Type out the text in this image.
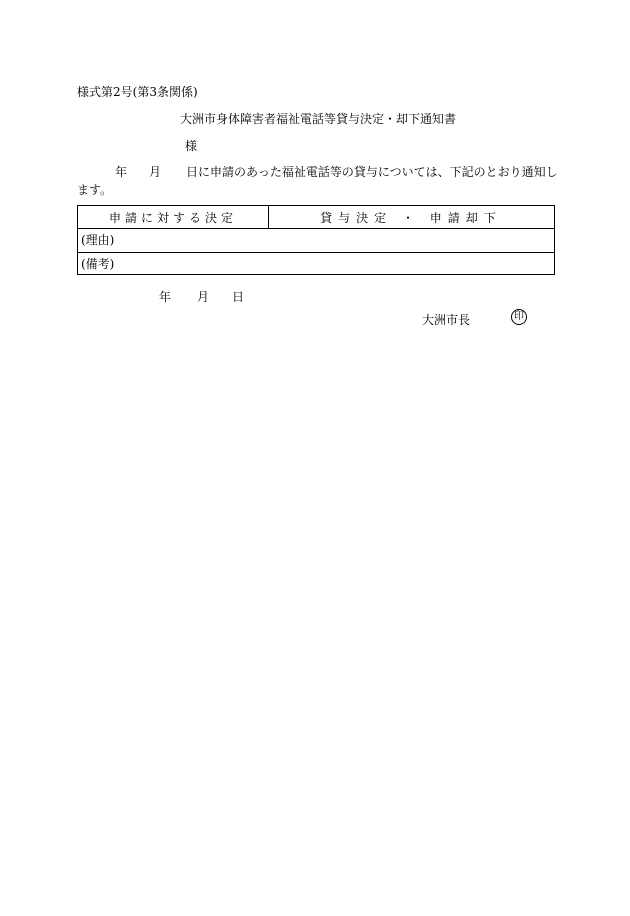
様式第2号(第3条関係)
大洲市身体障害者福祉電話等貸与決定・却下通知書
様
年 月 日に申請のあった福祉電話等の貸与については、下記のとおり通知し
ます。
申請に対する決定	貸与決定 ・ 申請却下
(理由)
(備考)
年 月 日
大洲市長	印
